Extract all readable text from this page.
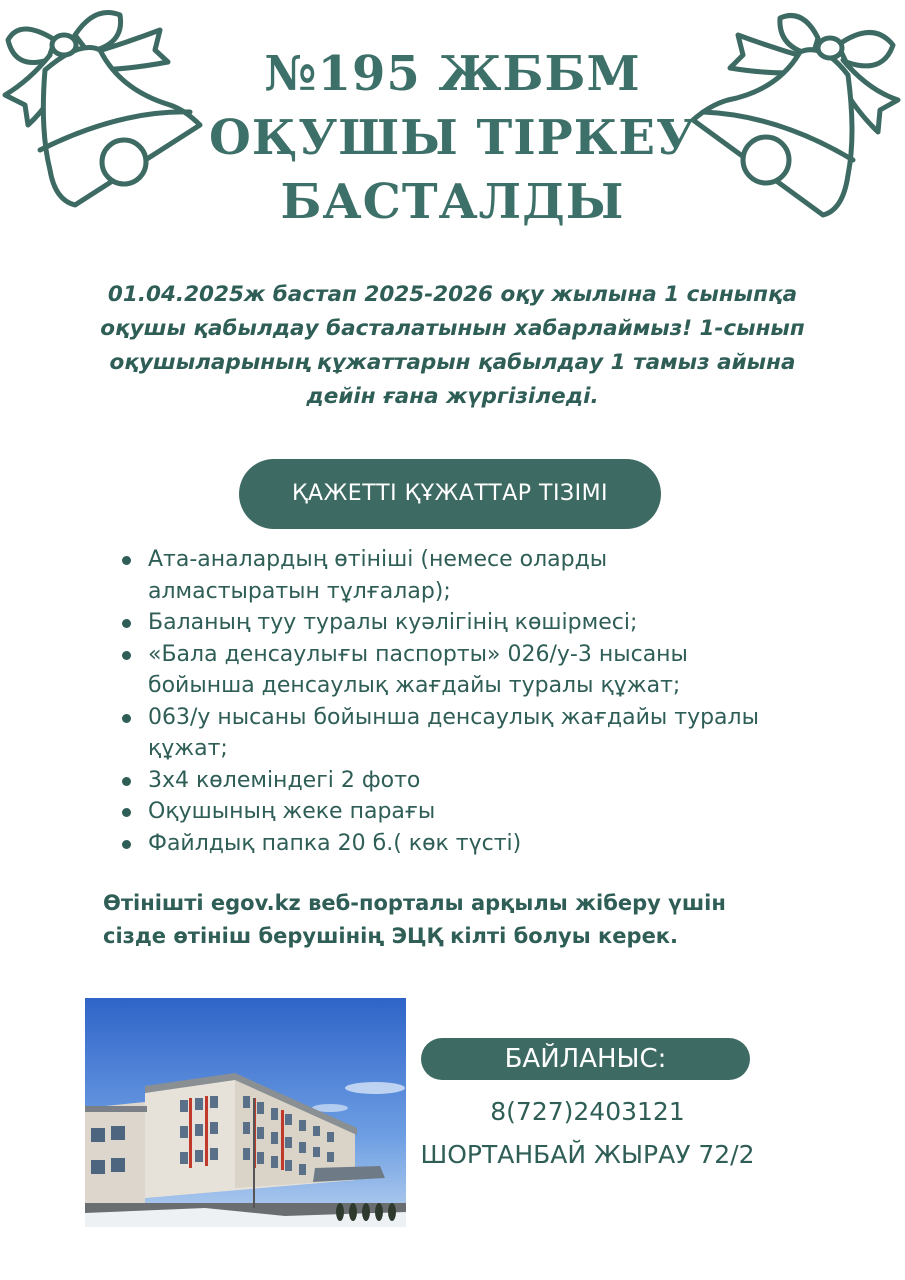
№195 ЖББМ
ОҚУШЫ ТІРКЕУ
БАСТАЛДЫ
01.04.2025ж бастап 2025-2026 оқу жылына 1 сыныпқа
оқушы қабылдау басталатынын хабарлаймыз! 1-сынып
оқушыларының құжаттарын қабылдау 1 тамыз айына
дейін ғана жүргізіледі.
ҚАЖЕТТІ ҚҰЖАТТАР ТІЗІМІ
Ата-аналардың өтініші (немесе оларды
алмастыратын тұлғалар);
Баланың туу туралы куәлігінің көшірмесі;
«Бала денсаулығы паспорты» 026/у-3 нысаны
бойынша денсаулық жағдайы туралы құжат;
063/у нысаны бойынша денсаулық жағдайы туралы
құжат;
3х4 көлеміндегі 2 фото
Оқушының жеке парағы
Файлдық папка 20 б.( көк түсті)
Өтінішті egov.kz веб-порталы арқылы жіберу үшін
сізде өтініш берушінің ЭЦҚ кілті болуы керек.
БАЙЛАНЫС:
8(727)2403121
ШОРТАНБАЙ ЖЫРАУ 72/2
